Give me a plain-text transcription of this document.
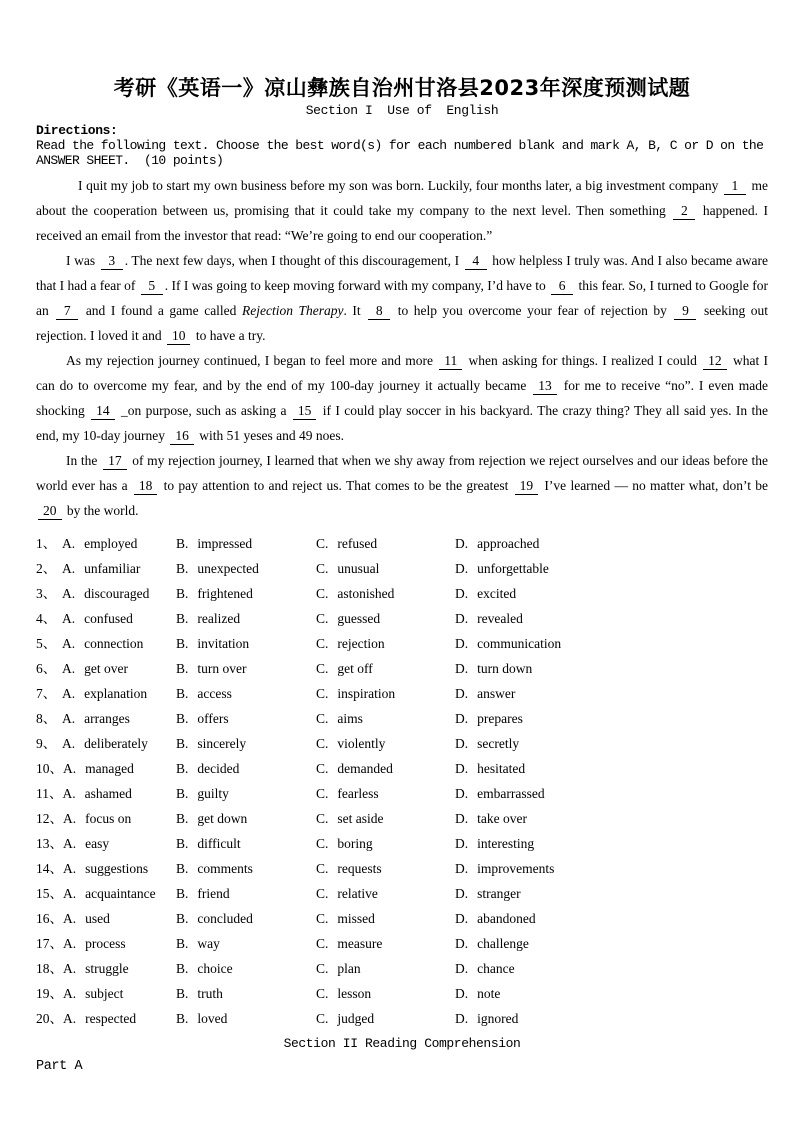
考研《英语一》凉山彝族自治州甘洛县2023年深度预测试题
Section I  Use of  English
Directions:
Read the following text. Choose the best word(s) for each numbered blank and mark A, B, C or D on the ANSWER SHEET.  (10 points)

I quit my job to start my own business before my son was born. Luckily, four months later, a big investment company 1 me about the cooperation between us, promising that it could take my company to the next level. Then something 2 happened. I received an email from the investor that read: “We’re going to end our cooperation.”

I was 3 . The next few days, when I thought of this discouragement, I 4 how helpless I truly was. And I also became aware that I had a fear of 5 . If I was going to keep moving forward with my company, I’d have to 6 this fear. So, I turned to Google for an 7 and I found a game called Rejection Therapy. It 8 to help you overcome your fear of rejection by 9 seeking out rejection. I loved it and 10 to have a try.

As my rejection journey continued, I began to feel more and more 11 when asking for things. I realized I could 12 what I can do to overcome my fear, and by the end of my 100-day journey it actually became 13 for me to receive “no”. I even made shocking 14 _on purpose, such as asking a 15 if I could play soccer in his backyard. The crazy thing? They all said yes. In the end, my 10-day journey 16 with 51 yeses and 49 noes.

In the 17 of my rejection journey, I learned that when we shy away from rejection we reject ourselves and our ideas before the world ever has a 18 to pay attention to and reject us. That comes to be the greatest 19 I’ve learned — no matter what, don’t be 20 by the world.

1、 A. employed	B. impressed	C. refused	D. approached
2、 A. unfamiliar	B. unexpected	C. unusual	D. unforgettable
3、 A. discouraged	B. frightened	C. astonished	D. excited
4、 A. confused	B. realized	C. guessed	D. revealed
5、 A. connection	B. invitation	C. rejection	D. communication
6、 A. get over	B. turn over	C. get off	D. turn down
7、 A. explanation	B. access	C. inspiration	D. answer
8、 A. arranges	B. offers	C. aims	D. prepares
9、 A. deliberately	B. sincerely	C. violently	D. secretly
10、A. managed	B. decided	C. demanded	D. hesitated
11、A. ashamed	B. guilty	C. fearless	D. embarrassed
12、A. focus on	B. get down	C. set aside	D. take over
13、A. easy	B. difficult	C. boring	D. interesting
14、A. suggestions	B. comments	C. requests	D. improvements
15、A. acquaintance	B. friend	C. relative	D. stranger
16、A. used	B. concluded	C. missed	D. abandoned
17、A. process	B. way	C. measure	D. challenge
18、A. struggle	B. choice	C. plan	D. chance
19、A. subject	B. truth	C. lesson	D. note
20、A. respected	B. loved	C. judged	D. ignored
Section II Reading Comprehension
Part A
